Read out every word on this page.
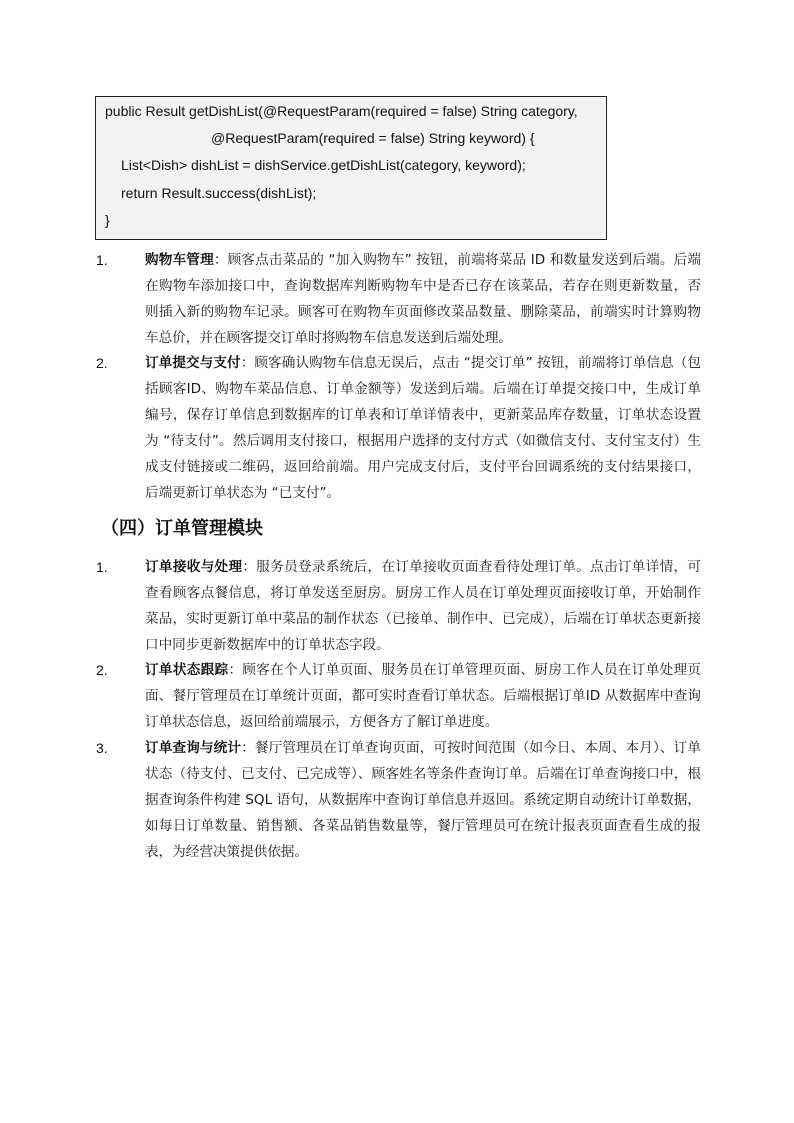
public Result getDishList(@RequestParam(required = false) String category,
@RequestParam(required = false) String keyword) {
List<Dish> dishList = dishService.getDishList(category, keyword);
return Result.success(dishList);
}
1.	购物车管理：顾客点击菜品的 “加入购物车” 按钮，前端将菜品 ID 和数量发送到后端。后端在购物车添加接口中，查询数据库判断购物车中是否已存在该菜品，若存在则更新数量，否则插入新的购物车记录。顾客可在购物车页面修改菜品数量、删除菜品，前端实时计算购物车总价，并在顾客提交订单时将购物车信息发送到后端处理。
2.	订单提交与支付：顾客确认购物车信息无误后，点击 “提交订单” 按钮，前端将订单信息（包括顾客ID、购物车菜品信息、订单金额等）发送到后端。后端在订单提交接口中，生成订单编号，保存订单信息到数据库的订单表和订单详情表中，更新菜品库存数量，订单状态设置为 “待支付”。然后调用支付接口，根据用户选择的支付方式（如微信支付、支付宝支付）生成支付链接或二维码，返回给前端。用户完成支付后，支付平台回调系统的支付结果接口，后端更新订单状态为 “已支付”。
（四）订单管理模块
1.	订单接收与处理：服务员登录系统后，在订单接收页面查看待处理订单。点击订单详情，可查看顾客点餐信息，将订单发送至厨房。厨房工作人员在订单处理页面接收订单，开始制作菜品，实时更新订单中菜品的制作状态（已接单、制作中、已完成），后端在订单状态更新接口中同步更新数据库中的订单状态字段。
2.	订单状态跟踪：顾客在个人订单页面、服务员在订单管理页面、厨房工作人员在订单处理页面、餐厅管理员在订单统计页面，都可实时查看订单状态。后端根据订单ID 从数据库中查询订单状态信息，返回给前端展示，方便各方了解订单进度。
3.	订单查询与统计：餐厅管理员在订单查询页面，可按时间范围（如今日、本周、本月）、订单状态（待支付、已支付、已完成等）、顾客姓名等条件查询订单。后端在订单查询接口中，根据查询条件构建 SQL 语句，从数据库中查询订单信息并返回。系统定期自动统计订单数据，如每日订单数量、销售额、各菜品销售数量等，餐厅管理员可在统计报表页面查看生成的报表，为经营决策提供依据。
